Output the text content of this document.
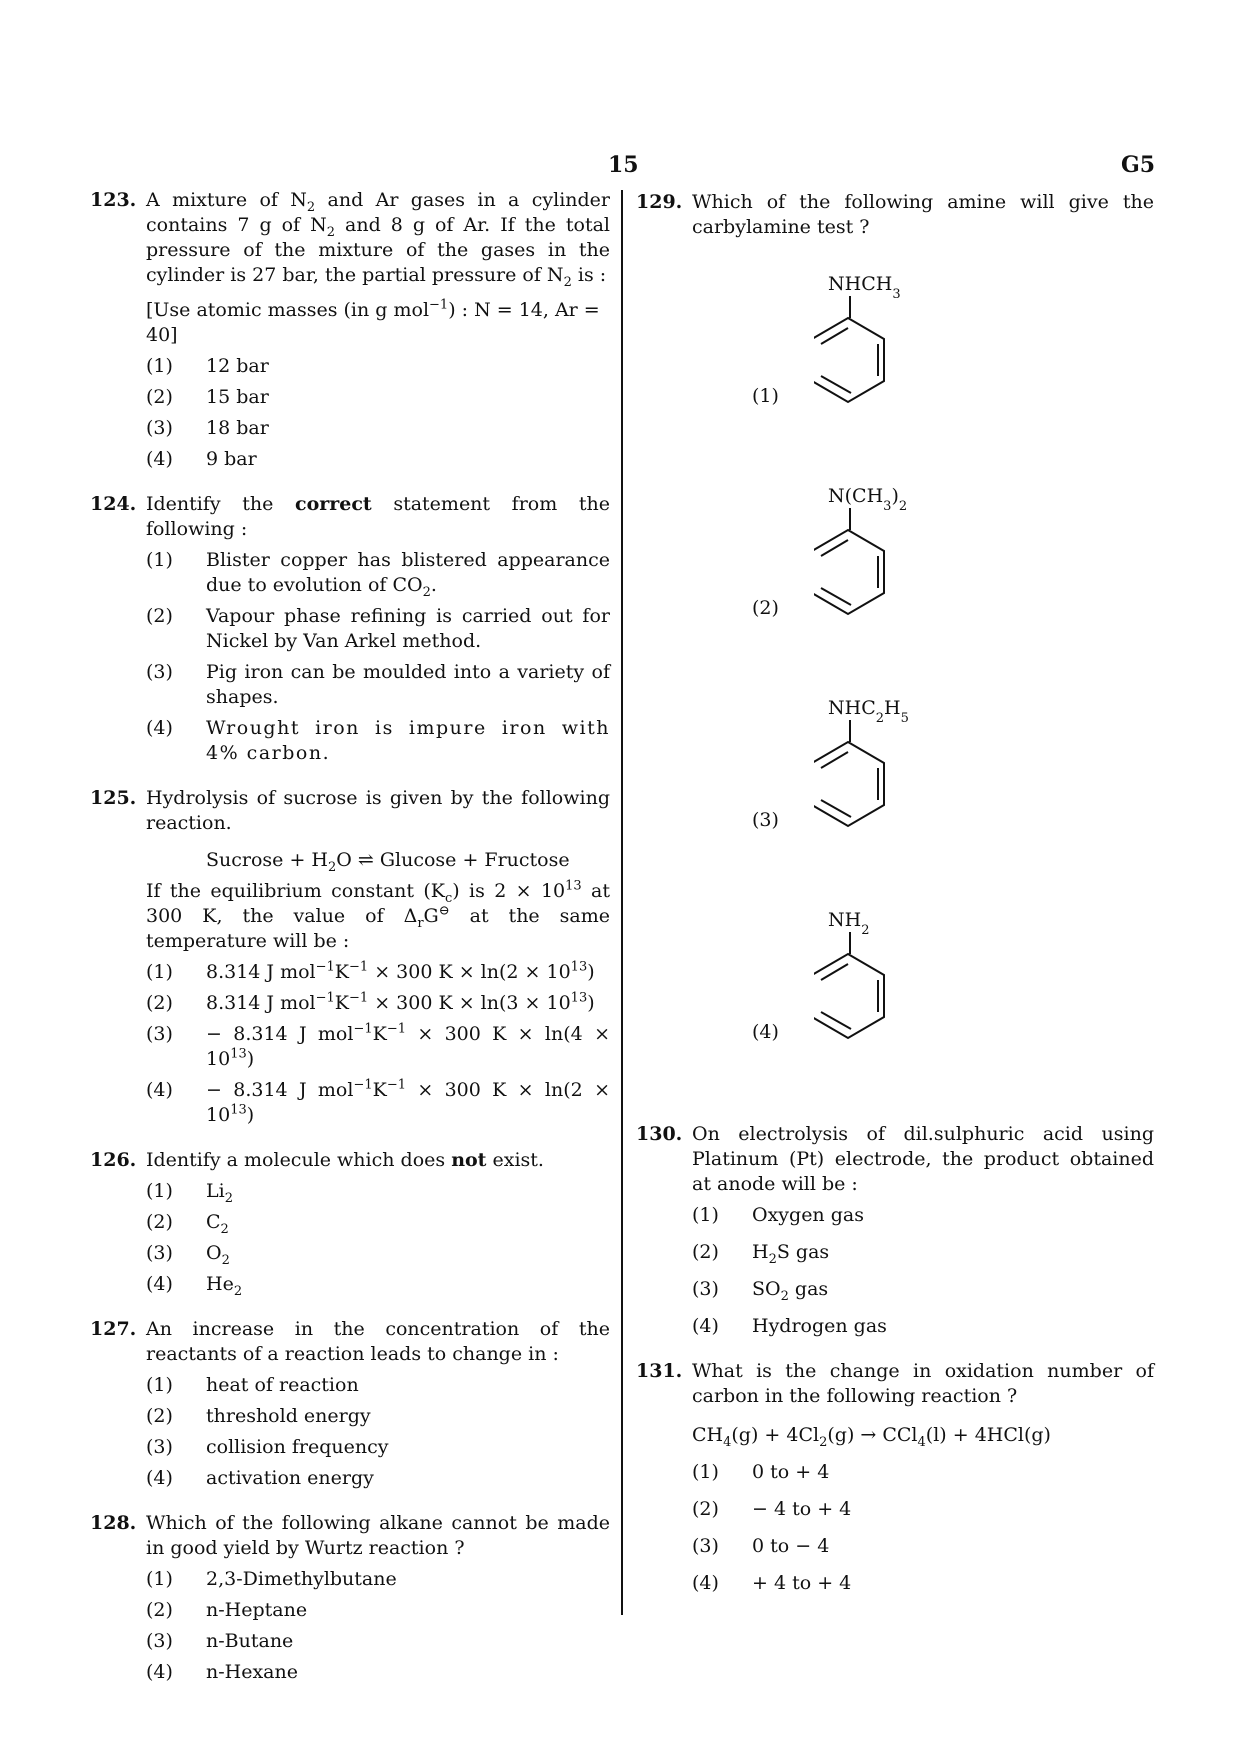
15	G5
123. A mixture of $N_2$ and Ar gases in a cylinder contains 7 g of $N_2$ and 8 g of Ar. If the total pressure of the mixture of the gases in the cylinder is 27 bar, the partial pressure of $N_2$ is :
[Use atomic masses (in g mol$^{-1}$) : N = 14, Ar = 40]
(1)	12 bar
(2)	15 bar
(3)	18 bar
(4)	9 bar
124. Identify the correct statement from the following :
(1)	Blister copper has blistered appearance due to evolution of $CO_2$.
(2)	Vapour phase refining is carried out for Nickel by Van Arkel method.
(3)	Pig iron can be moulded into a variety of shapes.
(4)	Wrought iron is impure iron with 4% carbon.
125. Hydrolysis of sucrose is given by the following reaction.
Sucrose + $H_2O$ ⇌ Glucose + Fructose
If the equilibrium constant $(K_c)$ is $2 \times 10^{13}$ at 300 K, the value of $\Delta_rG^⊖$ at the same temperature will be :
(1)	8.314 J $mol^{-1}K^{-1} \times 300$ $K \times \ln(2 \times 10^{13})$
(2)	8.314 J $mol^{-1}K^{-1} \times 300$ $K \times \ln(3 \times 10^{13})$
(3)	− 8.314 J $mol^{-1}K^{-1} \times 300$ $K \times \ln(4 \times 10^{13})$
(4)	− 8.314 J $mol^{-1}K^{-1} \times 300$ $K \times \ln(2 \times 10^{13})$
126. Identify a molecule which does not exist.
(1)	$Li_2$
(2)	$C_2$
(3)	$O_2$
(4)	$He_2$
127. An increase in the concentration of the reactants of a reaction leads to change in :
(1)	heat of reaction
(2)	threshold energy
(3)	collision frequency
(4)	activation energy
128. Which of the following alkane cannot be made in good yield by Wurtz reaction ?
(1)	2,3-Dimethylbutane
(2)	n-Heptane
(3)	n-Butane
(4)	n-Hexane
129. Which of the following amine will give the carbylamine test ?
(1)
$NHCH_3$
(2)
$N(CH_3)_2$
(3)
$NHC_2H_5$
(4)
$NH_2$
130. On electrolysis of dil.sulphuric acid using Platinum (Pt) electrode, the product obtained at anode will be :
(1)	Oxygen gas
(2)	$H_2S$ gas
(3)	$SO_2$ gas
(4)	Hydrogen gas
131. What is the change in oxidation number of carbon in the following reaction ?
$CH_4(g) + 4Cl_2(g) \to CCl_4(l) + 4HCl(g)$
(1)	0 to + 4
(2)	− 4 to + 4
(3)	0 to − 4
(4)	+ 4 to + 4
